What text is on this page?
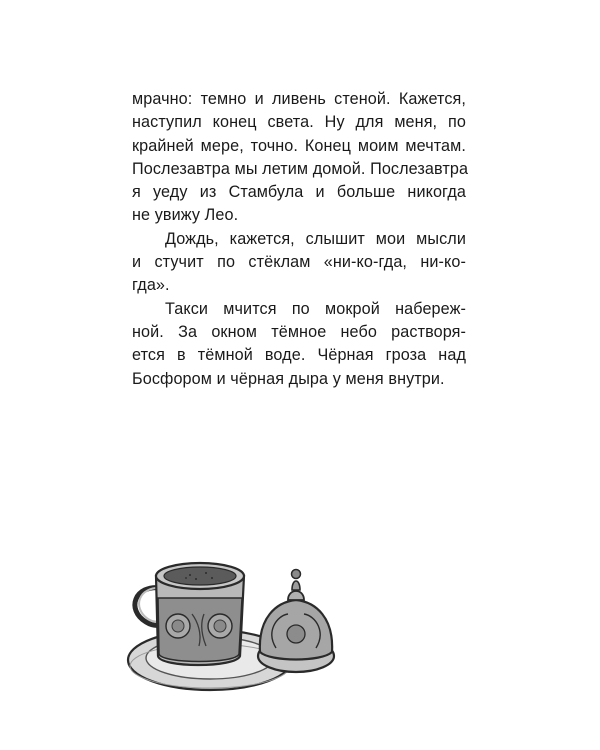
мрачно: темно и ливень стеной. Кажется,
наступил конец света. Ну для меня, по
крайней мере, точно. Конец моим мечтам.
Послезавтра мы летим домой. Послезавтра
я уеду из Стамбула и больше никогда
не увижу Лео.
Дождь, кажется, слышит мои мысли
и стучит по стёклам «ни-ко-гда, ни-ко-
гда».
Такси мчится по мокрой набереж-
ной. За окном тёмное небо растворя-
ется в тёмной воде. Чёрная гроза над
Босфором и чёрная дыра у меня внутри.
